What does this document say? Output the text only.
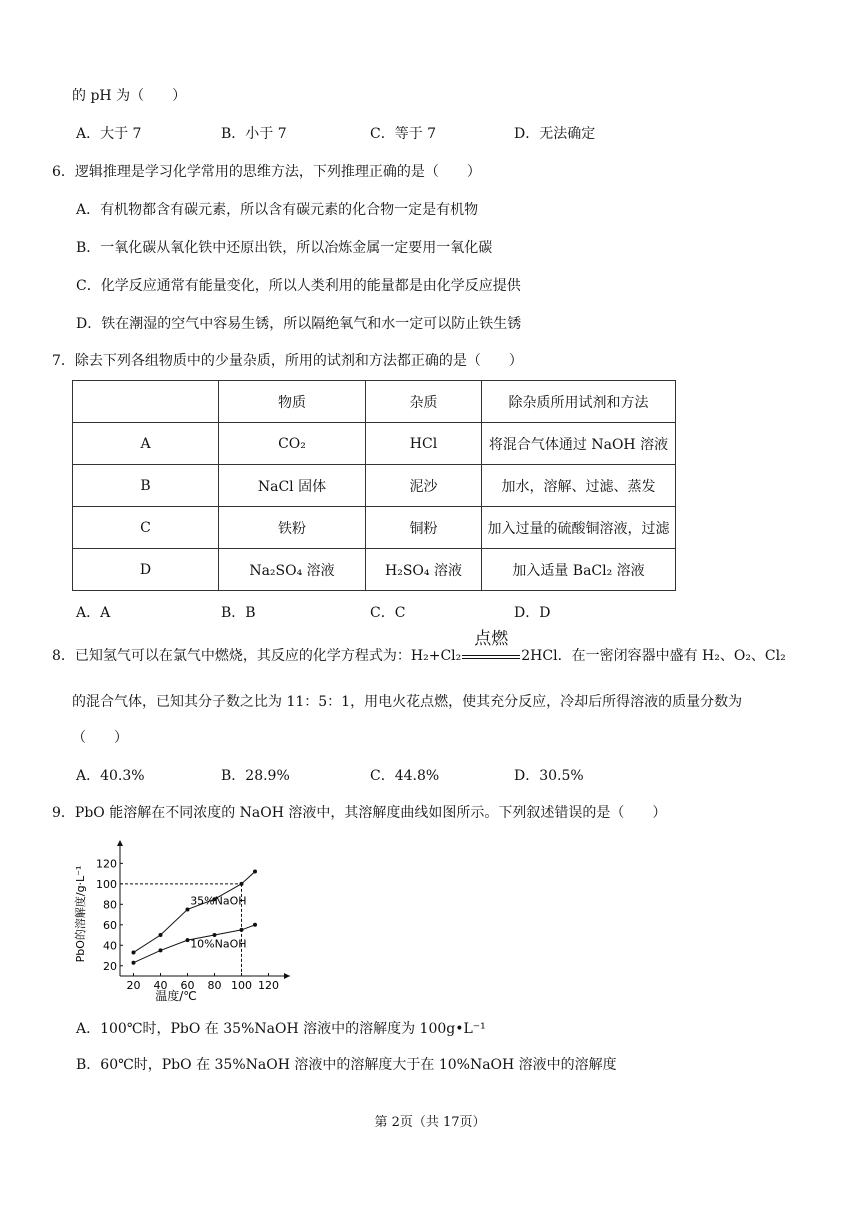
的 pH 为（　　）
A．大于 7	B．小于 7	C．等于 7	D．无法确定
6．逻辑推理是学习化学常用的思维方法，下列推理正确的是（　　）
A．有机物都含有碳元素，所以含有碳元素的化合物一定是有机物
B．一氧化碳从氧化铁中还原出铁，所以冶炼金属一定要用一氧化碳
C．化学反应通常有能量变化，所以人类利用的能量都是由化学反应提供
D．铁在潮湿的空气中容易生锈，所以隔绝氧气和水一定可以防止铁生锈
7．除去下列各组物质中的少量杂质，所用的试剂和方法都正确的是（　　）
	物质	杂质	除杂质所用试剂和方法
A	CO₂	HCl	将混合气体通过 NaOH 溶液
B	NaCl 固体	泥沙	加水，溶解、过滤、蒸发
C	铁粉	铜粉	加入过量的硫酸铜溶液，过滤
D	Na₂SO₄ 溶液	H₂SO₄ 溶液	加入适量 BaCl₂ 溶液
A．A	B．B	C．C	D．D
8．已知氢气可以在氯气中燃烧，其反应的化学方程式为：H₂+Cl₂
点燃
2HCl．在一密闭容器中盛有 H₂、O₂、Cl₂
的混合气体，已知其分子数之比为 11：5：1，用电火花点燃，使其充分反应，冷却后所得溶液的质量分数为
（　　）
A．40.3%	B．28.9%	C．44.8%	D．30.5%
9．PbO 能溶解在不同浓度的 NaOH 溶液中，其溶解度曲线如图所示。下列叙述错误的是（　　）
20 40 60 80 100 120
20
40
60
80
100
120
35%NaOH
10%NaOH
温度/℃
PbO的溶解度/g·L⁻¹
A．100℃时，PbO 在 35%NaOH 溶液中的溶解度为 100g•L⁻¹
B．60℃时，PbO 在 35%NaOH 溶液中的溶解度大于在 10%NaOH 溶液中的溶解度
第 2页（共 17页）
